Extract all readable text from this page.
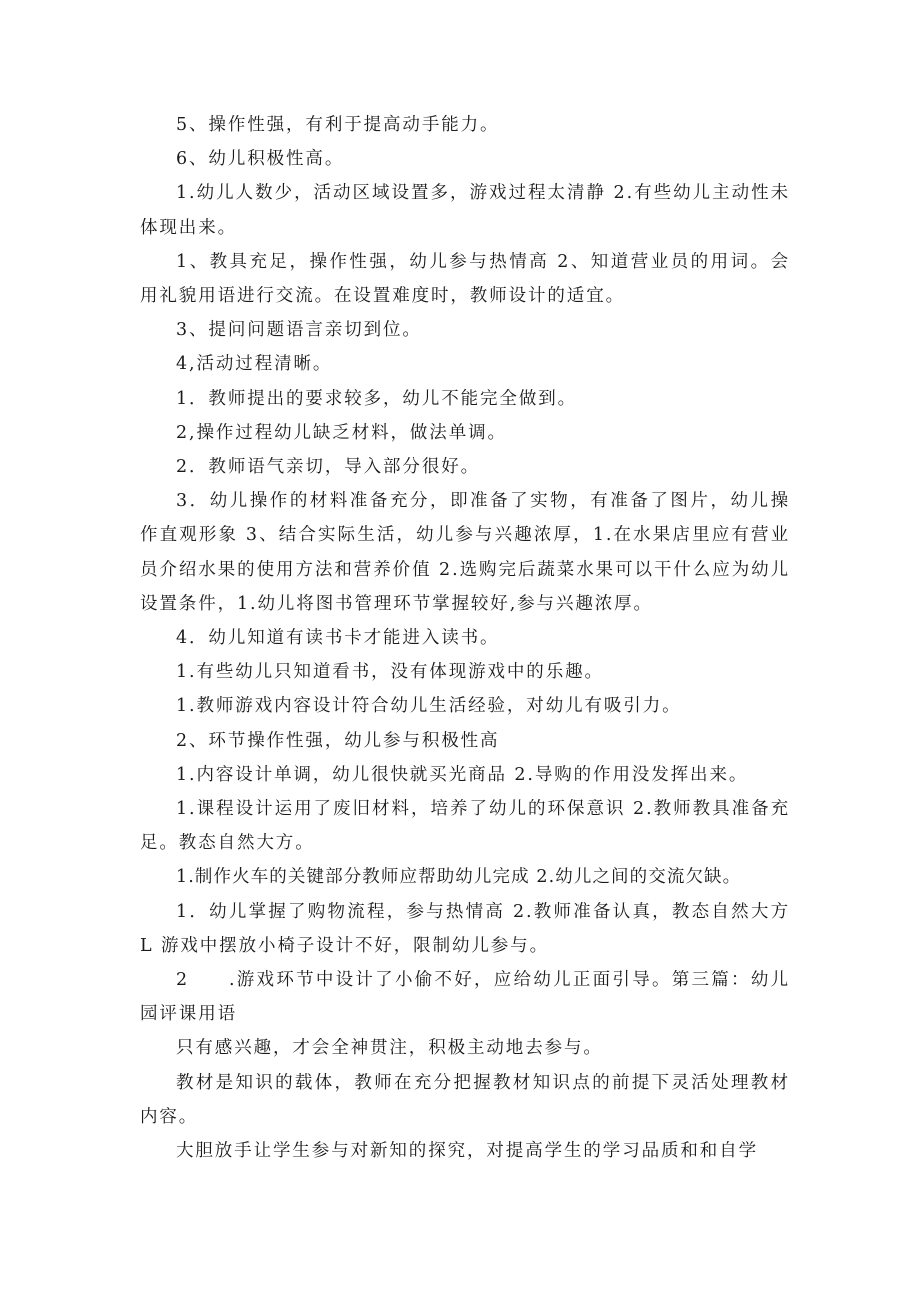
5、操作性强，有利于提高动手能力。

6、幼儿积极性高。

1.幼儿人数少，活动区域设置多，游戏过程太清静 2.有些幼儿主动性未体现出来。

1、教具充足，操作性强，幼儿参与热情高 2、知道营业员的用词。会用礼貌用语进行交流。在设置难度时，教师设计的适宜。

3、提问问题语言亲切到位。

4,活动过程清晰。

1．教师提出的要求较多，幼儿不能完全做到。

2,操作过程幼儿缺乏材料，做法单调。

2．教师语气亲切，导入部分很好。

3．幼儿操作的材料准备充分，即准备了实物，有准备了图片，幼儿操作直观形象 3、结合实际生活，幼儿参与兴趣浓厚，1.在水果店里应有营业员介绍水果的使用方法和营养价值 2.选购完后蔬菜水果可以干什么应为幼儿设置条件，1.幼儿将图书管理环节掌握较好,参与兴趣浓厚。

4．幼儿知道有读书卡才能进入读书。

1.有些幼儿只知道看书，没有体现游戏中的乐趣。

1.教师游戏内容设计符合幼儿生活经验，对幼儿有吸引力。

2、环节操作性强，幼儿参与积极性高

1.内容设计单调，幼儿很快就买光商品 2.导购的作用没发挥出来。

1.课程设计运用了废旧材料，培养了幼儿的环保意识 2.教师教具准备充足。教态自然大方。

1.制作火车的关键部分教师应帮助幼儿完成 2.幼儿之间的交流欠缺。

1．幼儿掌握了购物流程，参与热情高 2.教师准备认真，教态自然大方 L 游戏中摆放小椅子设计不好，限制幼儿参与。

2　　.游戏环节中设计了小偷不好，应给幼儿正面引导。第三篇：幼儿园评课用语

只有感兴趣，才会全神贯注，积极主动地去参与。

教材是知识的载体，教师在充分把握教材知识点的前提下灵活处理教材内容。

大胆放手让学生参与对新知的探究，对提高学生的学习品质和和自学
